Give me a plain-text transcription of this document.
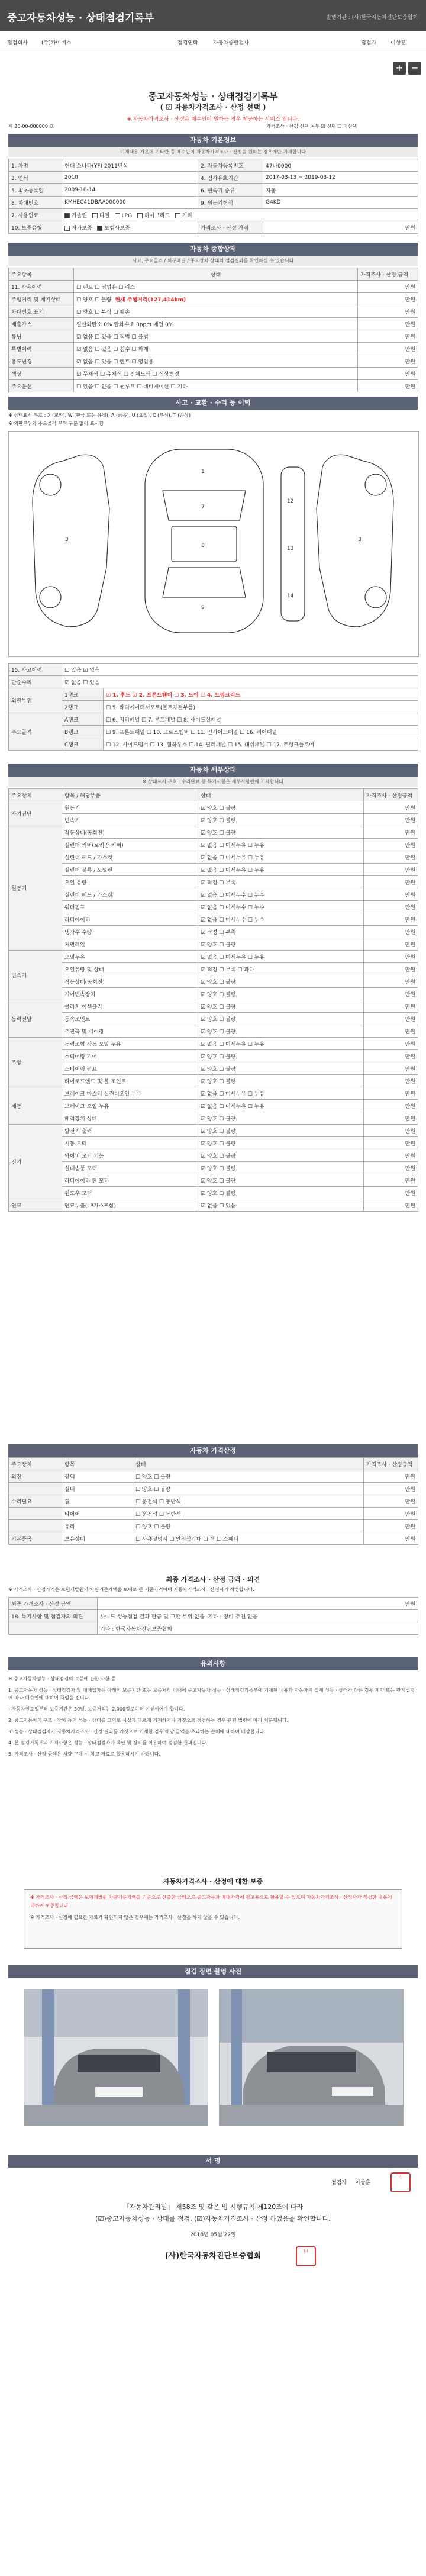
중고자동차성능 · 상태점검기록부	발행기관 : (사)한국자동차진단보증협회
점검회사	(주)카이베스	점검연락	자동차종합검사	점검자	이상훈
+ −
중고자동차성능 · 상태점검기록부
( ☑ 자동차가격조사 · 산정 선택 )
※ 자동차가격조사 · 산정은 매수인이 원하는 경우 제공하는 서비스 입니다.
제 20-00-000000 호	가격조사 · 산정 선택 여부 ☑ 선택 ☐ 미선택
자동차 기본정보
기재내용 가운데 기타란 등 매수인이 자동차가격조사 · 산정을 원하는 경우에만 기재합니다
1. 차명	현대 쏘나타(YF) 2011년식	2. 자동차등록번호	47나0000
3. 연식	2010	4. 검사유효기간	2017-03-13 ~ 2019-03-12
5. 최초등록일	2009-10-14	6. 변속기 종류	자동
8. 차대번호	KMHEC41DBAA000000	9. 원동기형식	G4KD
7. 사용연료	가솔린 디젤 LPG 하이브리드 기타		
10. 보증유형	자가보증 보험사보증	가격조사 · 산정 가격	만원
자동차 종합상태
사고, 주요골격 / 외부패널 / 주요장치 상태의 점검결과를 확인하실 수 있습니다
주요항목	상태	가격조사 · 산정 금액
11. 사용이력	☐ 렌트 ☐ 영업용 ☐ 리스	만원
주행거리 및 계기상태	☐ 양호 ☐ 불량 현재 주행거리(127,414km)	만원
차대번호 표기	☑ 양호 ☐ 부식 ☐ 훼손	만원
배출가스	일산화탄소 0% 탄화수소 0ppm 매연 0%	만원
튜닝	☑ 없음 ☐ 있음 ☐ 적법 ☐ 불법	만원
특별이력	☑ 없음 ☐ 있음 ☐ 침수 ☐ 화재	만원
용도변경	☑ 없음 ☐ 있음 ☐ 렌트 ☐ 영업용	만원
색상	☑ 무채색 ☐ 유채색 ☐ 전체도색 ☐ 색상변경	만원
주요옵션	☐ 있음 ☐ 없음 ☐ 썬루프 ☐ 네비게이션 ☐ 기타	만원
사고 · 교환 · 수리 등 이력
※ 상태표시 부호 : X (교환), W (판금 또는 용접), A (긁음), U (요철), C (부식), T (손상)
※ 외판부위와 주요골격 부위 구분 없이 표시함
1
7
8
9
3	3
12
13
14
15. 사고이력	☐ 있음 ☑ 없음	
단순수리	☑ 없음 ☐ 있음	
외판부위	1랭크	☑ 1. 후드 ☑ 2. 프론트휀더 ☐ 3. 도어 ☐ 4. 트렁크리드
	2랭크	☐ 5. 라디에이터서포트(볼트체결부품)
주요골격	A랭크	☐ 6. 쿼터패널 ☐ 7. 루프패널 ☐ 8. 사이드실패널
	B랭크	☐ 9. 프론트패널 ☐ 10. 크로스멤버 ☐ 11. 인사이드패널 ☐ 16. 리어패널
	C랭크	☐ 12. 사이드멤버 ☐ 13. 휠하우스 ☐ 14. 필러패널 ☐ 15. 대쉬패널 ☐ 17. 트렁크플로어
자동차 세부상태
※ 상태표시 부호 : 수리완료 등 특기사항은 세부사항란에 기재합니다
주요장치	항목 / 해당부품	상태	가격조사 · 산정금액
자기진단	원동기	☑ 양호 ☐ 불량	만원
	변속기	☑ 양호 ☐ 불량	만원
원동기	작동상태(공회전)	☑ 양호 ☐ 불량	만원
	실린더 커버(로커암 커버)	☑ 없음 ☐ 미세누유 ☐ 누유	만원
	실린더 헤드 / 가스켓	☑ 없음 ☐ 미세누유 ☐ 누유	만원
	실린더 블록 / 오일팬	☑ 없음 ☐ 미세누유 ☐ 누유	만원
	오일 유량	☑ 적정 ☐ 부족	만원
	실린더 헤드 / 가스켓	☑ 없음 ☐ 미세누수 ☐ 누수	만원
	워터펌프	☑ 없음 ☐ 미세누수 ☐ 누수	만원
	라디에이터	☑ 없음 ☐ 미세누수 ☐ 누수	만원
	냉각수 수량	☑ 적정 ☐ 부족	만원
	커먼레일	☑ 양호 ☐ 불량	만원
변속기	오일누유	☑ 없음 ☐ 미세누유 ☐ 누유	만원
	오일유량 및 상태	☑ 적정 ☐ 부족 ☐ 과다	만원
	작동상태(공회전)	☑ 양호 ☐ 불량	만원
	기어변속장치	☑ 양호 ☐ 불량	만원
동력전달	클러치 어셈블리	☑ 양호 ☐ 불량	만원
	등속조인트	☑ 양호 ☐ 불량	만원
	추진축 및 베어링	☑ 양호 ☐ 불량	만원
조향	동력조향 작동 오일 누유	☑ 없음 ☐ 미세누유 ☐ 누유	만원
	스티어링 기어	☑ 양호 ☐ 불량	만원
	스티어링 펌프	☑ 양호 ☐ 불량	만원
	타이로드엔드 및 볼 조인트	☑ 양호 ☐ 불량	만원
제동	브레이크 마스터 실린더오일 누유	☑ 없음 ☐ 미세누유 ☐ 누유	만원
	브레이크 오일 누유	☑ 없음 ☐ 미세누유 ☐ 누유	만원
	배력장치 상태	☑ 양호 ☐ 불량	만원
전기	발전기 출력	☑ 양호 ☐ 불량	만원
	시동 모터	☑ 양호 ☐ 불량	만원
	와이퍼 모터 기능	☑ 양호 ☐ 불량	만원
	실내송풍 모터	☑ 양호 ☐ 불량	만원
	라디에이터 팬 모터	☑ 양호 ☐ 불량	만원
	윈도우 모터	☑ 양호 ☐ 불량	만원
연료	연료누출(LP가스포함)	☑ 없음 ☐ 있음	만원
자동차 가격산정
주요장치	항목	상태	가격조사 · 산정금액
외장	광택	☐ 양호 ☐ 불량	만원
	실내	☐ 양호 ☐ 불량	만원
수리필요	휠	☐ 운전석 ☐ 동반석	만원
	타이어	☐ 운전석 ☐ 동반석	만원
	유리	☐ 양호 ☐ 불량	만원
기본품목	보유상태	☐ 사용설명서 ☐ 안전삼각대 ☐ 잭 ☐ 스패너	만원
최종 가격조사 · 산정 금액 · 의견
※ 가격조사 · 산정가격은 보험개발원의 차량기준가액을 토대로 한 기준가격이며 자동차가격조사 · 산정사가 작성합니다.
최종 가격조사 · 산정 금액	만원
18. 특기사항 및 점검자의 의견	사이드 성능점검 결과 판금 및 교환 부위 없음. 기타 : 정비 추천 없음
	기타 : 한국자동차진단보증협회
유의사항
※ 중고자동차성능 · 상태점검의 보증에 관한 사항 등
1. 중고자동차 성능 · 상태점검자 및 매매업자는 아래의 보증기간 또는 보증거리 이내에 중고자동차 성능 · 상태점검기록부에 기재된 내용과 자동차의 실제 성능 · 상태가 다른 경우 계약 또는 관계법령에 따라 매수인에 대하여 책임을 집니다.
- 자동차인도일부터 보증기간은 30일, 보증거리는 2,000킬로미터 이상이어야 합니다.
2. 중고자동차의 구조 · 장치 등의 성능 · 상태를 고의로 사실과 다르게 기재하거나 거짓으로 점검하는 경우 관련 법령에 따라 처분됩니다.
3. 성능 · 상태점검자가 자동차가격조사 · 산정 결과를 거짓으로 기재한 경우 해당 금액을 초과하는 손해에 대하여 배상합니다.
4. 본 점검기록부의 기재사항은 성능 · 상태점검자가 육안 및 장비를 이용하여 점검한 결과입니다.
5. 가격조사 · 산정 금액은 차량 구매 시 참고 자료로 활용하시기 바랍니다.
자동차가격조사 · 산정에 대한 보증
※ 가격조사 · 산정 금액은 보험개발원 차량기준가액을 기준으로 산출한 금액으로 중고자동차 매매가격에 참고용으로 활용할 수 있으며 자동차가격조사 · 산정사가 작성한 내용에 대하여 보증합니다.
※ 가격조사 · 산정에 필요한 자료가 확인되지 않은 경우에는 가격조사 · 산정을 하지 않을 수 있습니다.
점검 장면 촬영 사진
서 명
점검자 이상훈
印
「자동차관리법」 제58조 및 같은 법 시행규칙 제120조에 따라
(☑)중고자동차성능 · 상태를 점검, (☑)자동차가격조사 · 산정 하였음을 확인합니다.
2018년 05월 22일
(사)한국자동차진단보증협회
印
